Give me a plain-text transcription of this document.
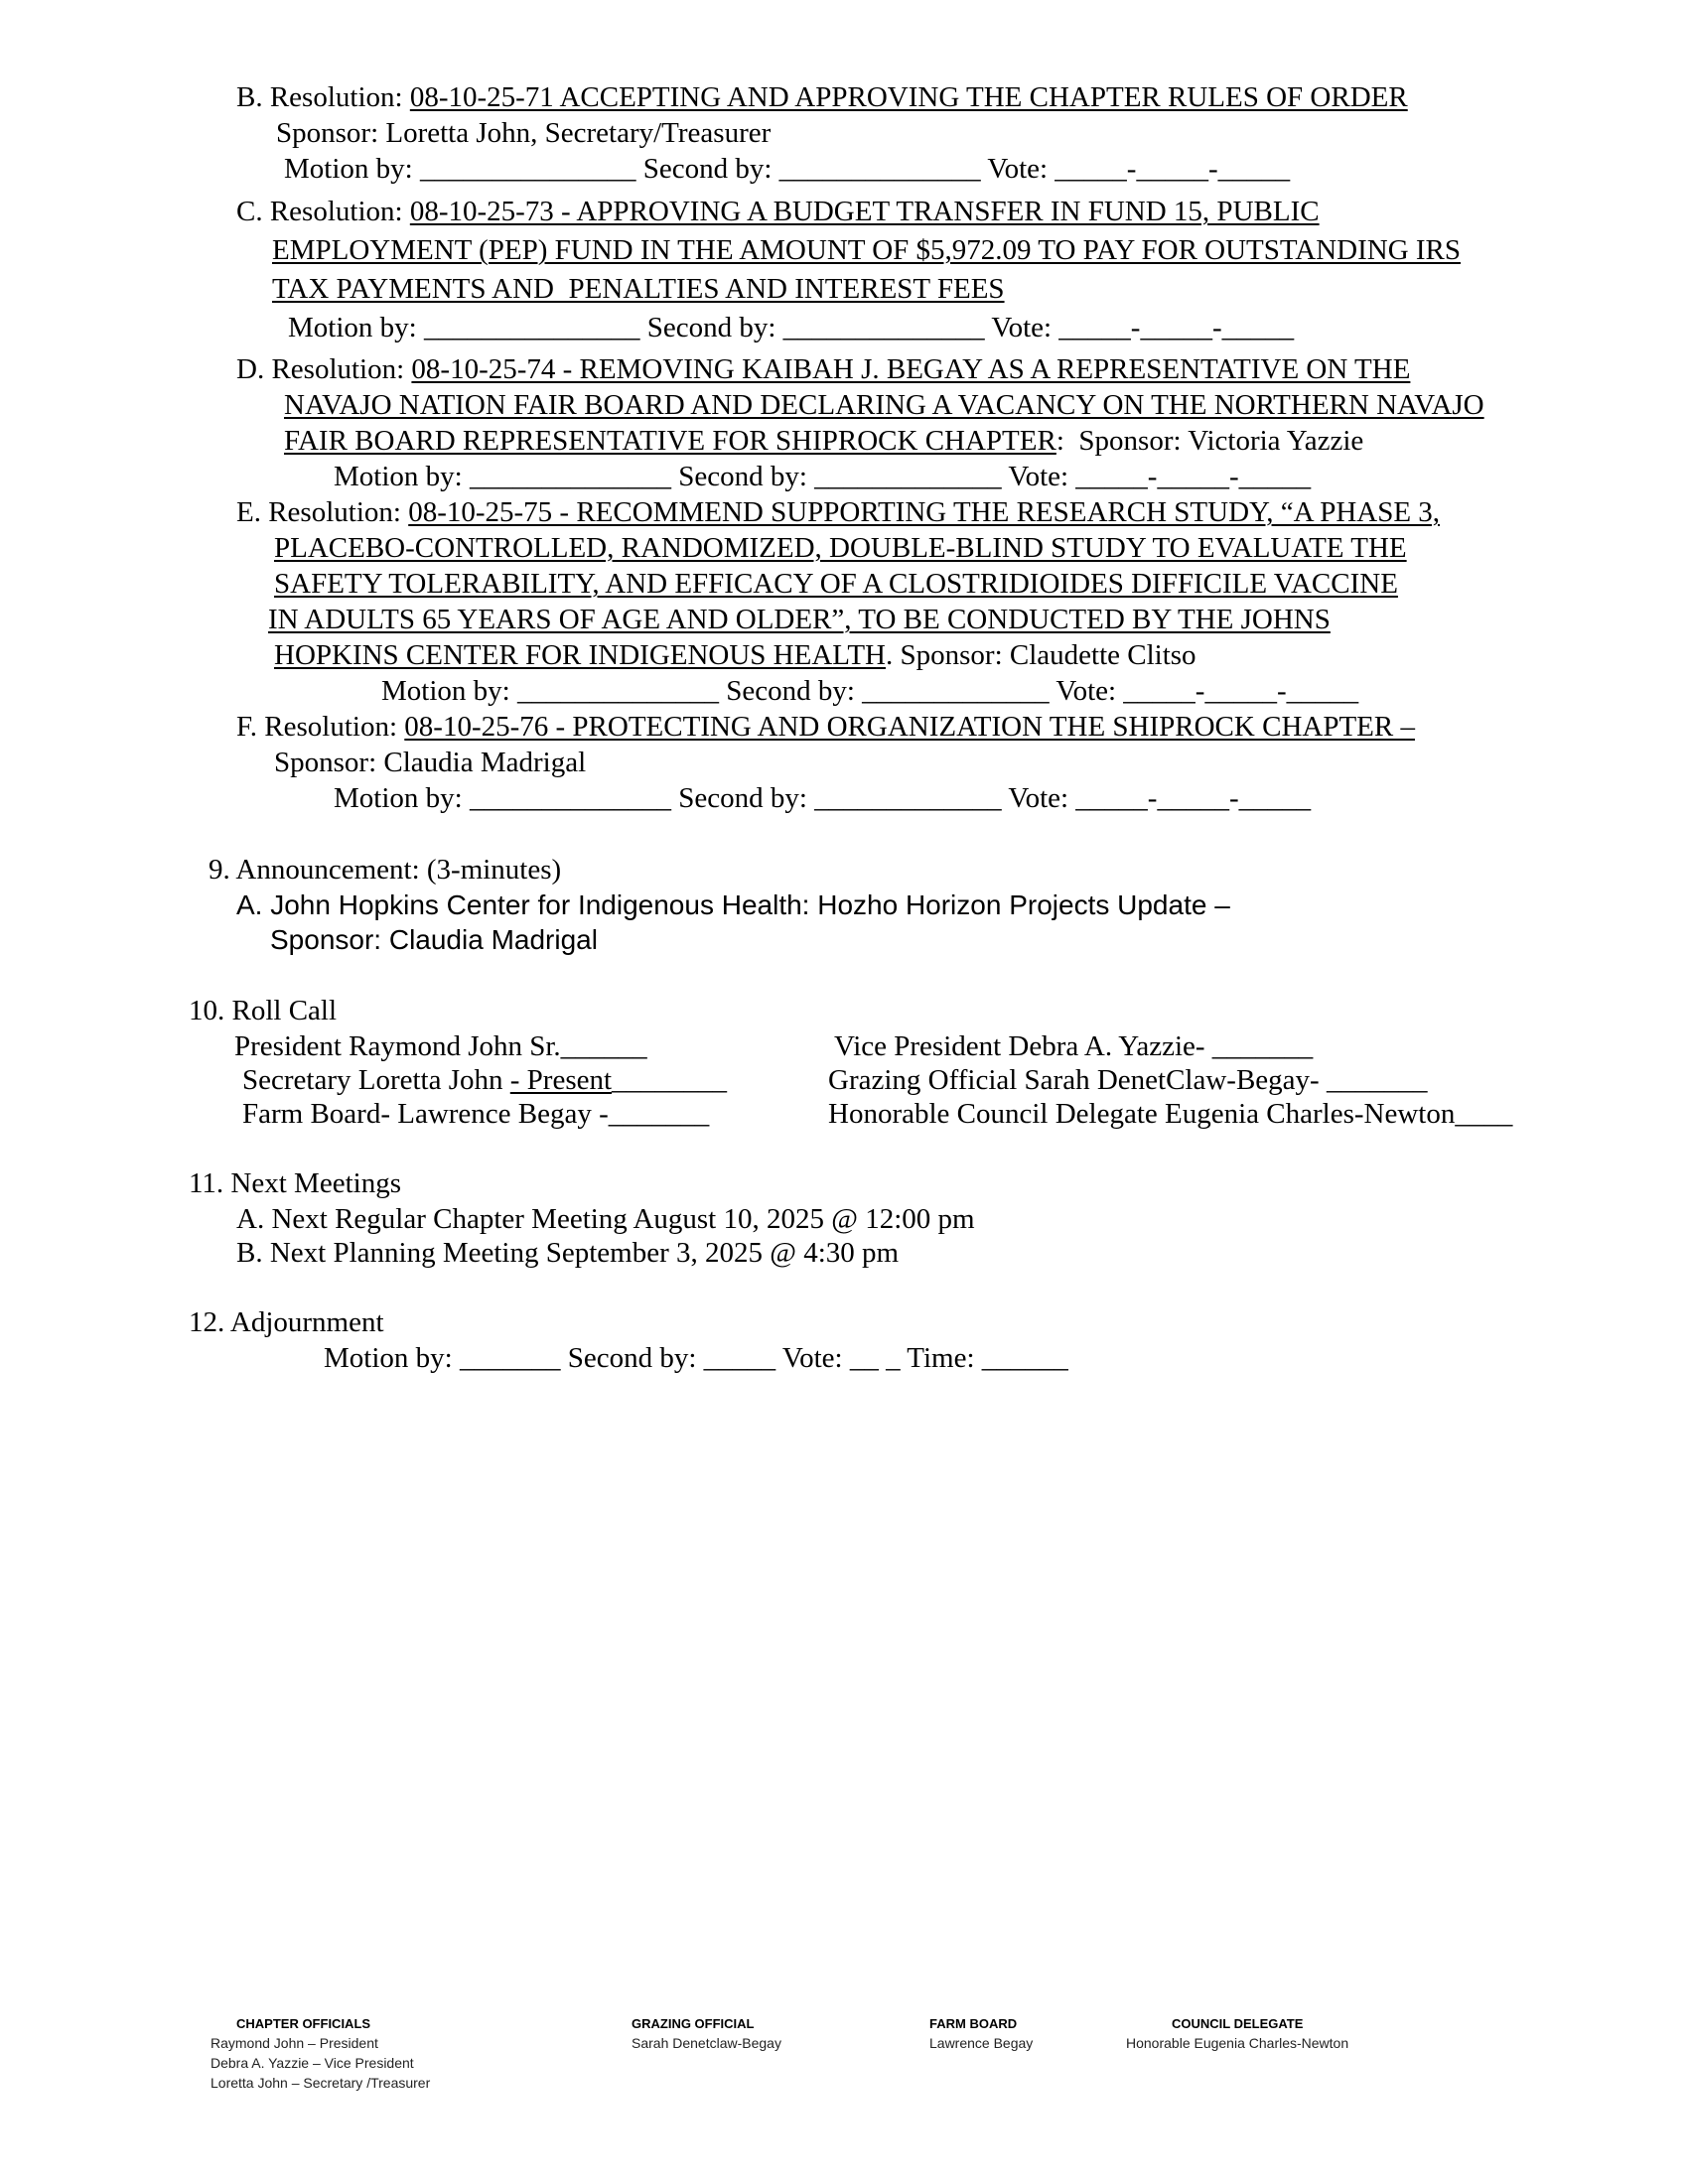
B. Resolution: 08-10-25-71 ACCEPTING AND APPROVING THE CHAPTER RULES OF ORDER
Sponsor: Loretta John, Secretary/Treasurer
Motion by: _______________ Second by: ______________ Vote: _____-_____-_____
C. Resolution: 08-10-25-73 - APPROVING A BUDGET TRANSFER IN FUND 15, PUBLIC
EMPLOYMENT (PEP) FUND IN THE AMOUNT OF $5,972.09 TO PAY FOR OUTSTANDING IRS
TAX PAYMENTS AND  PENALTIES AND INTEREST FEES
Motion by: _______________ Second by: ______________ Vote: _____-_____-_____
D. Resolution: 08-10-25-74 - REMOVING KAIBAH J. BEGAY AS A REPRESENTATIVE ON THE
NAVAJO NATION FAIR BOARD AND DECLARING A VACANCY ON THE NORTHERN NAVAJO
FAIR BOARD REPRESENTATIVE FOR SHIPROCK CHAPTER:  Sponsor: Victoria Yazzie
Motion by: ______________ Second by: _____________ Vote: _____-_____-_____
E. Resolution: 08-10-25-75 - RECOMMEND SUPPORTING THE RESEARCH STUDY, “A PHASE 3,
PLACEBO-CONTROLLED, RANDOMIZED, DOUBLE-BLIND STUDY TO EVALUATE THE
SAFETY TOLERABILITY, AND EFFICACY OF A CLOSTRIDIOIDES DIFFICILE VACCINE
IN ADULTS 65 YEARS OF AGE AND OLDER”, TO BE CONDUCTED BY THE JOHNS
HOPKINS CENTER FOR INDIGENOUS HEALTH. Sponsor: Claudette Clitso
Motion by: ______________ Second by: _____________ Vote: _____-_____-_____
F. Resolution: 08-10-25-76 - PROTECTING AND ORGANIZATION THE SHIPROCK CHAPTER –
Sponsor: Claudia Madrigal
Motion by: ______________ Second by: _____________ Vote: _____-_____-_____
9. Announcement: (3-minutes)
A. John Hopkins Center for Indigenous Health: Hozho Horizon Projects Update –
Sponsor: Claudia Madrigal
10. Roll Call
President Raymond John Sr.______	Vice President Debra A. Yazzie- _______
Secretary Loretta John - Present________	Grazing Official Sarah DenetClaw-Begay- _______
Farm Board- Lawrence Begay -_______	Honorable Council Delegate Eugenia Charles-Newton____
11. Next Meetings
A. Next Regular Chapter Meeting August 10, 2025 @ 12:00 pm
B. Next Planning Meeting September 3, 2025 @ 4:30 pm
12. Adjournment
Motion by: _______ Second by: _____ Vote: __ _ Time: ______
CHAPTER OFFICIALS
Raymond John – President
Debra A. Yazzie – Vice President
Loretta John – Secretary /Treasurer
GRAZING OFFICIAL
Sarah Denetclaw-Begay
FARM BOARD
Lawrence Begay
COUNCIL DELEGATE
Honorable Eugenia Charles-Newton
